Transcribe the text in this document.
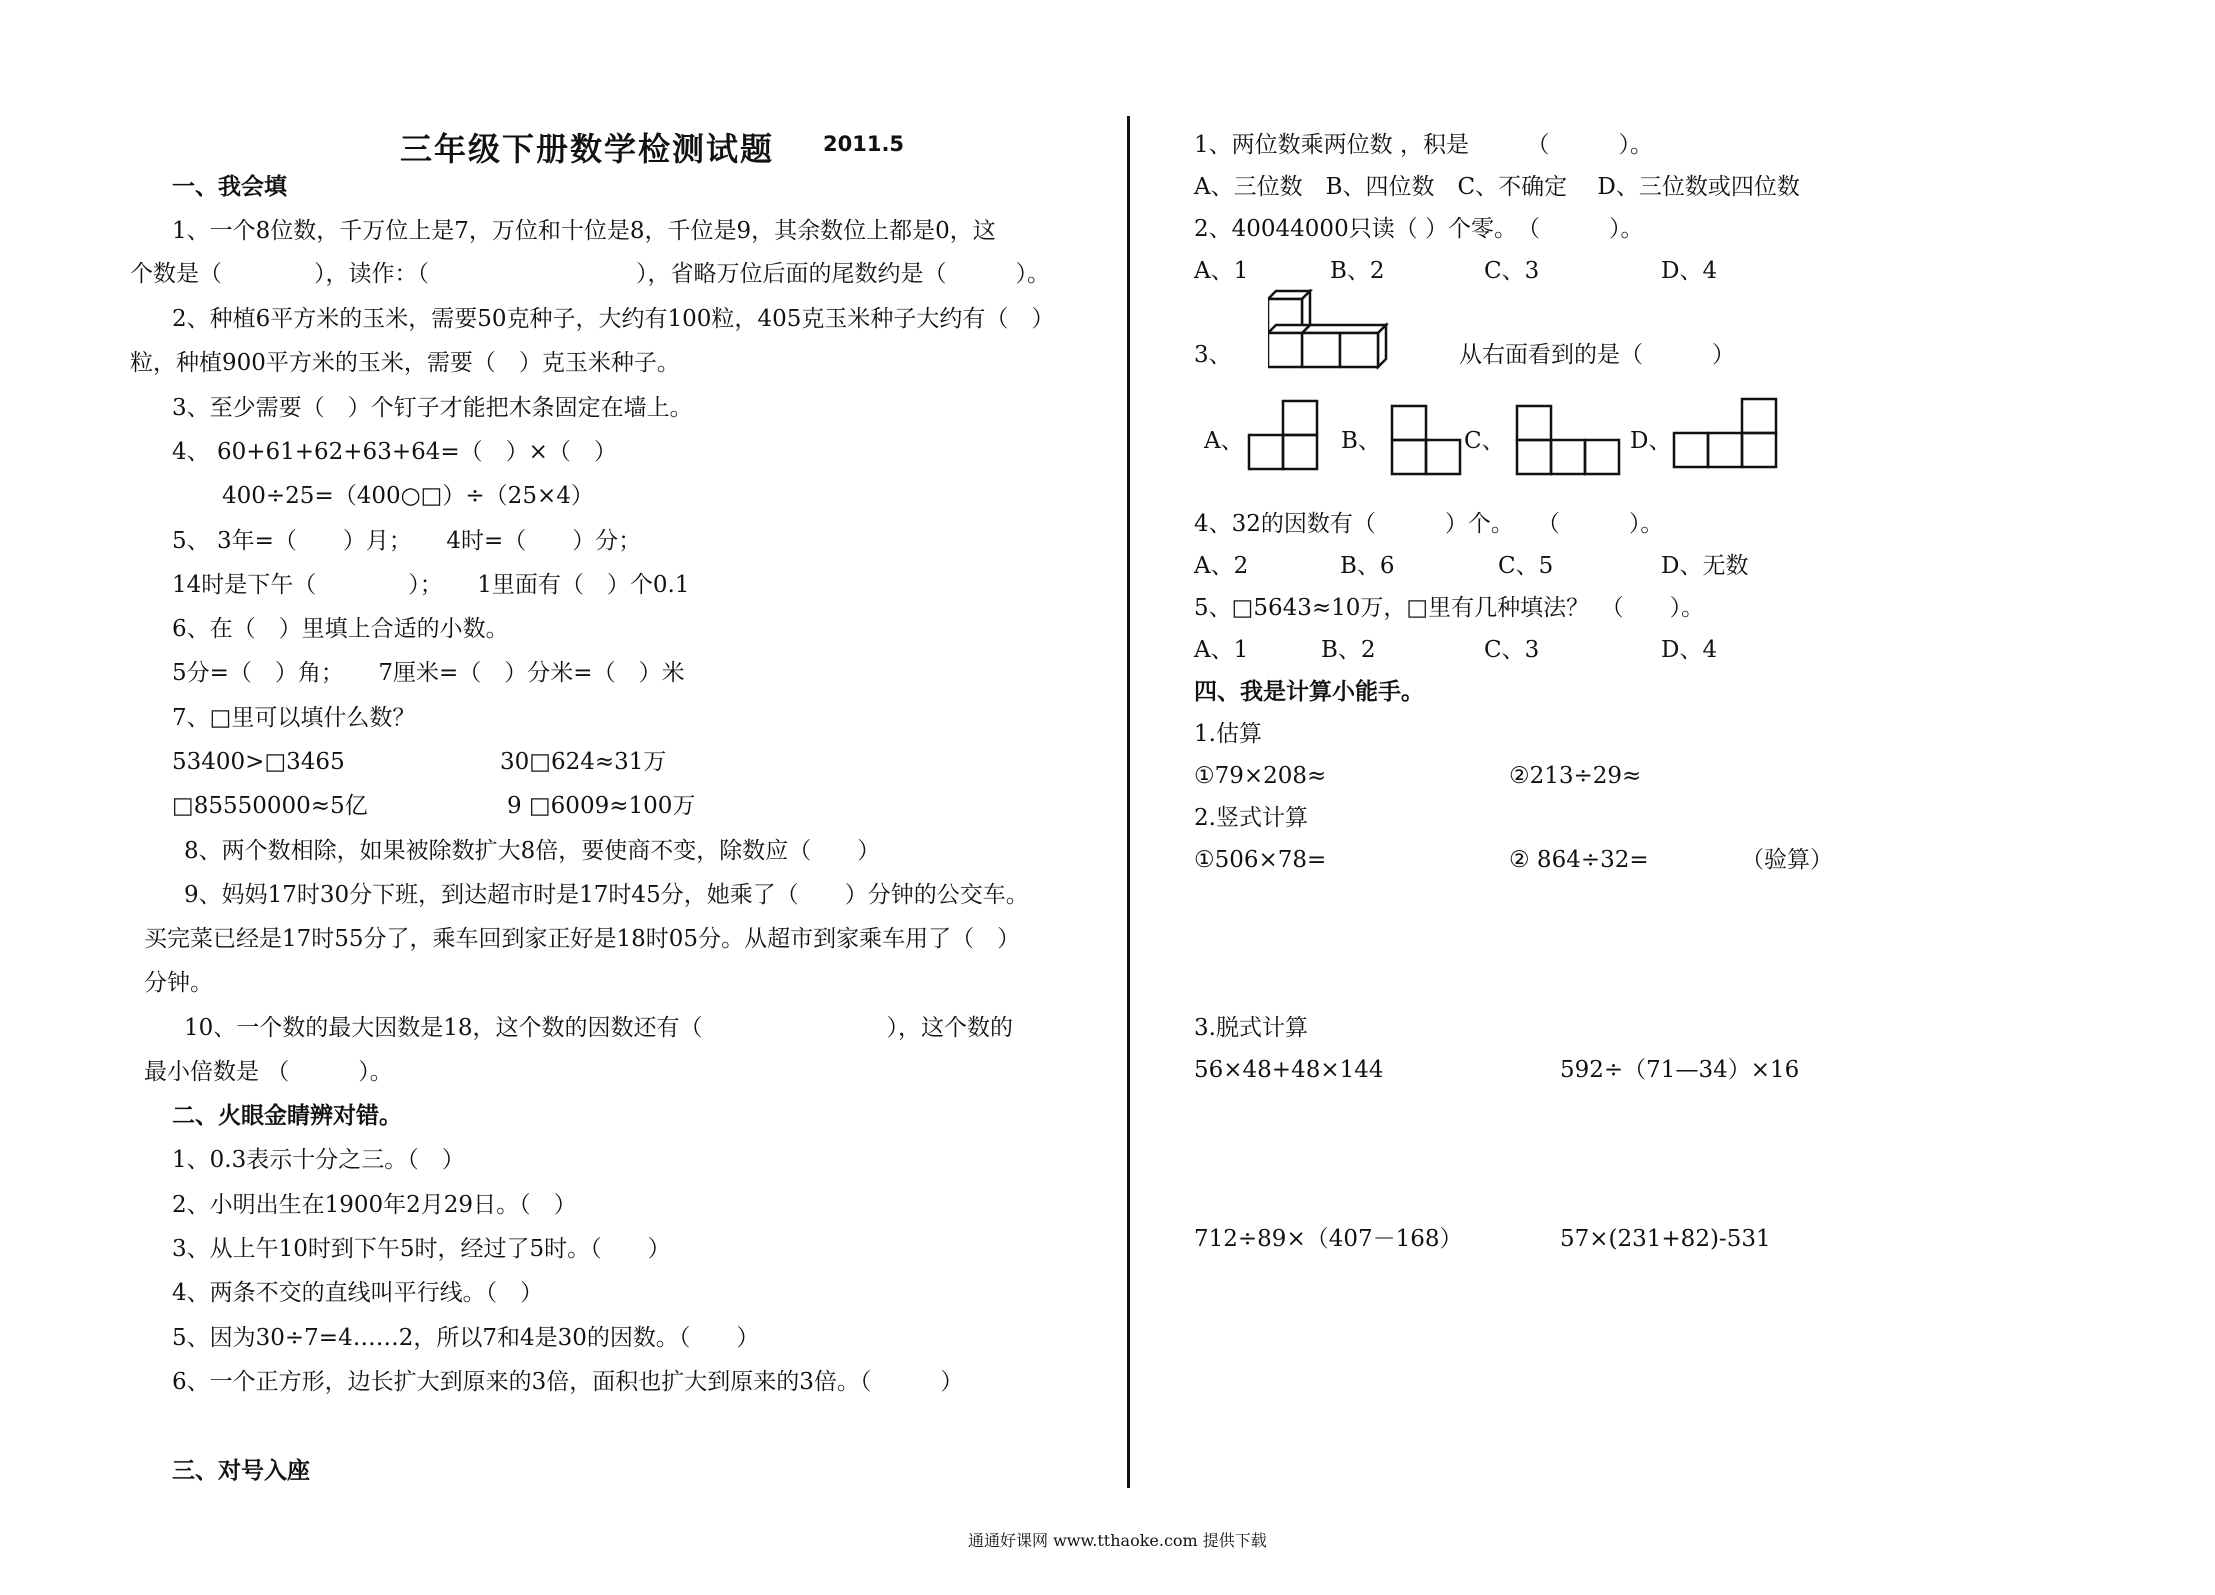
三年级下册数学检测试题 2011.5
一、我会填
1、一个8位数，千万位上是7，万位和十位是8，千位是9，其余数位上都是0，这
个数是（　　　　），读作：（　　　　　　　　　），省略万位后面的尾数约是（　　　）。
2、种植6平方米的玉米，需要50克种子，大约有100粒，405克玉米种子大约有（　）
粒，种植900平方米的玉米，需要（　）克玉米种子。
3、至少需要（　）个钉子才能把木条固定在墙上。
4、 60+61+62+63+64=（　）×（　）
400÷25=（400○□）÷（25×4）
5、 3年=（　　）月；　　4时=（　　）分；
14时是下午（　　　　）；　　1里面有（　）个0.1
6、在（　）里填上合适的小数。
5分=（　）角；　　7厘米=（　）分米=（　）米
7、□里可以填什么数？
53400>□3465	30□624≈31万
□85550000≈5亿	9 □6009≈100万
8、两个数相除，如果被除数扩大8倍，要使商不变，除数应（　　）
9、妈妈17时30分下班，到达超市时是17时45分，她乘了（　　）分钟的公交车。
买完菜已经是17时55分了，乘车回到家正好是18时05分。从超市到家乘车用了（　）
分钟。
10、一个数的最大因数是18，这个数的因数还有（　　　　　　　　），这个数的
最小倍数是 （　　　）。
二、火眼金睛辨对错。
1、0.3表示十分之三。（　）
2、小明出生在1900年2月29日。（　）
3、从上午10时到下午5时，经过了5时。（　　）
4、两条不交的直线叫平行线。（　）
5、因为30÷7=4……2，所以7和4是30的因数。（　　）
6、一个正方形，边长扩大到原来的3倍，面积也扩大到原来的3倍。（　　　）
三、对号入座
1、两位数乘两位数 ，积是　　　（　　　）。
A、三位数　B、四位数　C、不确定　 D、三位数或四位数
2、40044000只读（ ）个零。　（　　　）。
A、1	B、2	C、3	D、4
3、	从右面看到的是（　　　）
A、	B、	C、	D、
4、32的因数有（　　　）个。　　（　　　）。
A、2	B、6	C、5	D、无数
5、□5643≈10万，□里有几种填法？　（　　）。
A、1	B、2	C、3	D、4
四、我是计算小能手。
1.估算
①79×208≈	②213÷29≈
2.竖式计算
①506×78=	② 864÷32=	（验算）
3.脱式计算
56×48+48×144	592÷（71—34）×16
712÷89×（407－168）	57×(231+82)-531
通通好课网 www.tthaoke.com 提供下载
